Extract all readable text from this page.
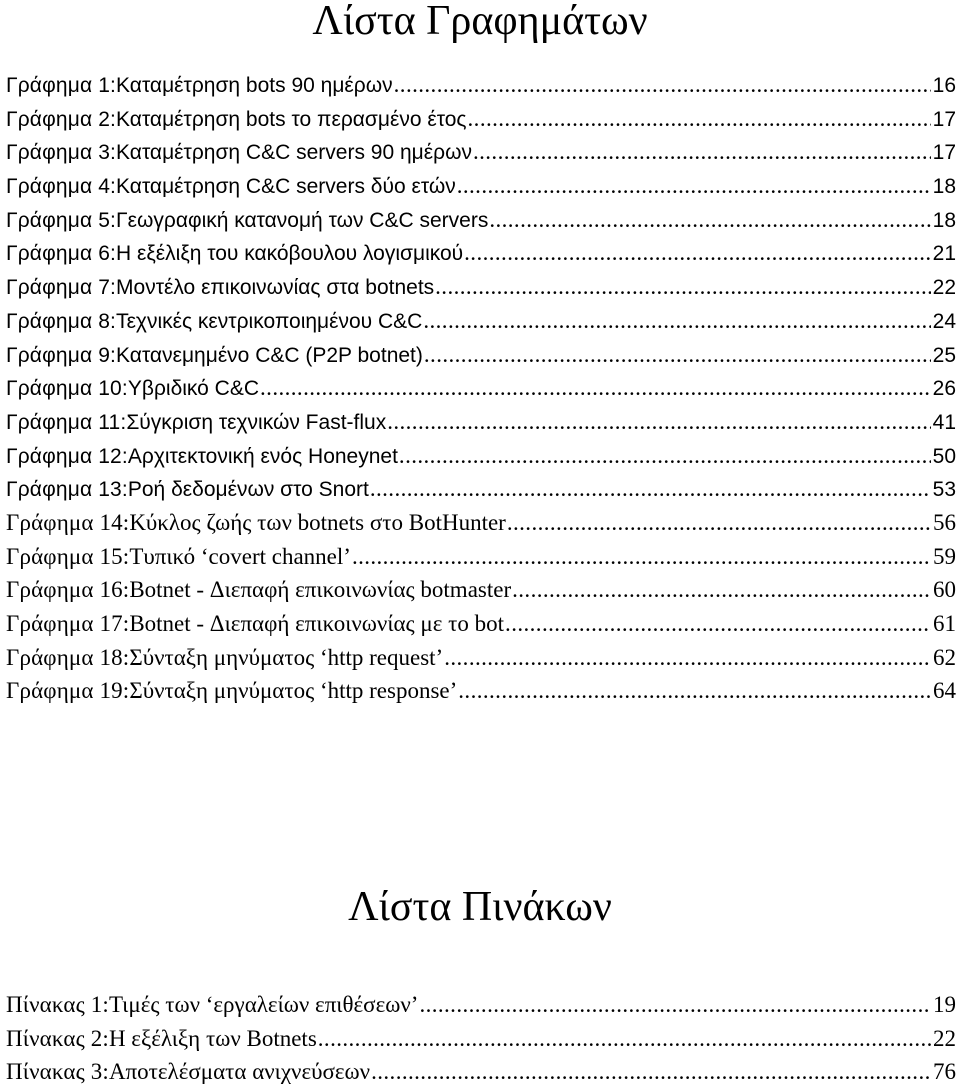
Λίστα Γραφημάτων
Γράφημα 1: Καταμέτρηση bots 90 ημέρων .....	16
Γράφημα 2: Καταμέτρηση bots το περασμένο έτος .....	17
Γράφημα 3: Καταμέτρηση C&C servers 90 ημέρων .....	17
Γράφημα 4: Καταμέτρηση C&C servers δύο ετών .....	18
Γράφημα 5: Γεωγραφική κατανομή των C&C servers .....	18
Γράφημα 6: Η εξέλιξη του κακόβουλου λογισμικού .....	21
Γράφημα 7: Μοντέλο επικοινωνίας στα botnets .....	22
Γράφημα 8: Τεχνικές κεντρικοποιημένου C&C .....	24
Γράφημα 9: Κατανεμημένο C&C (P2P botnet) .....	25
Γράφημα 10: Υβριδικό C&C .....	26
Γράφημα 11: Σύγκριση τεχνικών Fast-flux .....	41
Γράφημα 12: Αρχιτεκτονική ενός Honeynet .....	50
Γράφημα 13: Ροή δεδομένων στο Snort .....	53
Γράφημα 14: Κύκλος ζωής των botnets στο BotHunter .....	56
Γράφημα 15: Τυπικό ‘covert channel’ .....	59
Γράφημα 16: Botnet - Διεπαφή επικοινωνίας botmaster .....	60
Γράφημα 17: Botnet - Διεπαφή επικοινωνίας με το bot .....	61
Γράφημα 18: Σύνταξη μηνύματος ‘http request’ .....	62
Γράφημα 19: Σύνταξη μηνύματος ‘http response’ .....	64
Λίστα Πινάκων
Πίνακας 1: Τιμές των ‘εργαλείων επιθέσεων’ .....	19
Πίνακας 2: Η εξέλιξη των Botnets .....	22
Πίνακας 3: Αποτελέσματα ανιχνεύσεων .....	76
